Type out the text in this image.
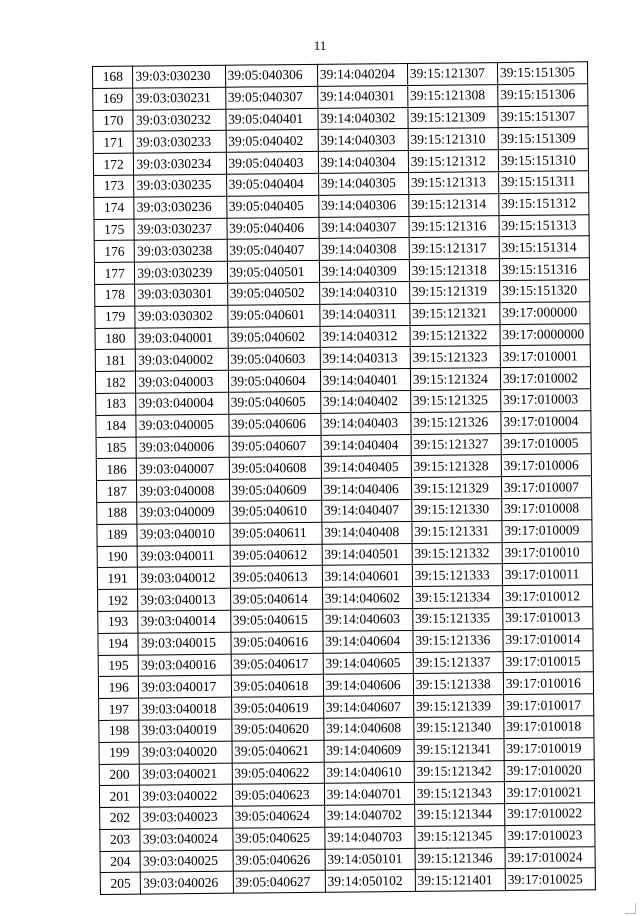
11
168	39:03:030230	39:05:040306	39:14:040204	39:15:121307	39:15:151305
169	39:03:030231	39:05:040307	39:14:040301	39:15:121308	39:15:151306
170	39:03:030232	39:05:040401	39:14:040302	39:15:121309	39:15:151307
171	39:03:030233	39:05:040402	39:14:040303	39:15:121310	39:15:151309
172	39:03:030234	39:05:040403	39:14:040304	39:15:121312	39:15:151310
173	39:03:030235	39:05:040404	39:14:040305	39:15:121313	39:15:151311
174	39:03:030236	39:05:040405	39:14:040306	39:15:121314	39:15:151312
175	39:03:030237	39:05:040406	39:14:040307	39:15:121316	39:15:151313
176	39:03:030238	39:05:040407	39:14:040308	39:15:121317	39:15:151314
177	39:03:030239	39:05:040501	39:14:040309	39:15:121318	39:15:151316
178	39:03:030301	39:05:040502	39:14:040310	39:15:121319	39:15:151320
179	39:03:030302	39:05:040601	39:14:040311	39:15:121321	39:17:000000
180	39:03:040001	39:05:040602	39:14:040312	39:15:121322	39:17:0000000
181	39:03:040002	39:05:040603	39:14:040313	39:15:121323	39:17:010001
182	39:03:040003	39:05:040604	39:14:040401	39:15:121324	39:17:010002
183	39:03:040004	39:05:040605	39:14:040402	39:15:121325	39:17:010003
184	39:03:040005	39:05:040606	39:14:040403	39:15:121326	39:17:010004
185	39:03:040006	39:05:040607	39:14:040404	39:15:121327	39:17:010005
186	39:03:040007	39:05:040608	39:14:040405	39:15:121328	39:17:010006
187	39:03:040008	39:05:040609	39:14:040406	39:15:121329	39:17:010007
188	39:03:040009	39:05:040610	39:14:040407	39:15:121330	39:17:010008
189	39:03:040010	39:05:040611	39:14:040408	39:15:121331	39:17:010009
190	39:03:040011	39:05:040612	39:14:040501	39:15:121332	39:17:010010
191	39:03:040012	39:05:040613	39:14:040601	39:15:121333	39:17:010011
192	39:03:040013	39:05:040614	39:14:040602	39:15:121334	39:17:010012
193	39:03:040014	39:05:040615	39:14:040603	39:15:121335	39:17:010013
194	39:03:040015	39:05:040616	39:14:040604	39:15:121336	39:17:010014
195	39:03:040016	39:05:040617	39:14:040605	39:15:121337	39:17:010015
196	39:03:040017	39:05:040618	39:14:040606	39:15:121338	39:17:010016
197	39:03:040018	39:05:040619	39:14:040607	39:15:121339	39:17:010017
198	39:03:040019	39:05:040620	39:14:040608	39:15:121340	39:17:010018
199	39:03:040020	39:05:040621	39:14:040609	39:15:121341	39:17:010019
200	39:03:040021	39:05:040622	39:14:040610	39:15:121342	39:17:010020
201	39:03:040022	39:05:040623	39:14:040701	39:15:121343	39:17:010021
202	39:03:040023	39:05:040624	39:14:040702	39:15:121344	39:17:010022
203	39:03:040024	39:05:040625	39:14:040703	39:15:121345	39:17:010023
204	39:03:040025	39:05:040626	39:14:050101	39:15:121346	39:17:010024
205	39:03:040026	39:05:040627	39:14:050102	39:15:121401	39:17:010025
